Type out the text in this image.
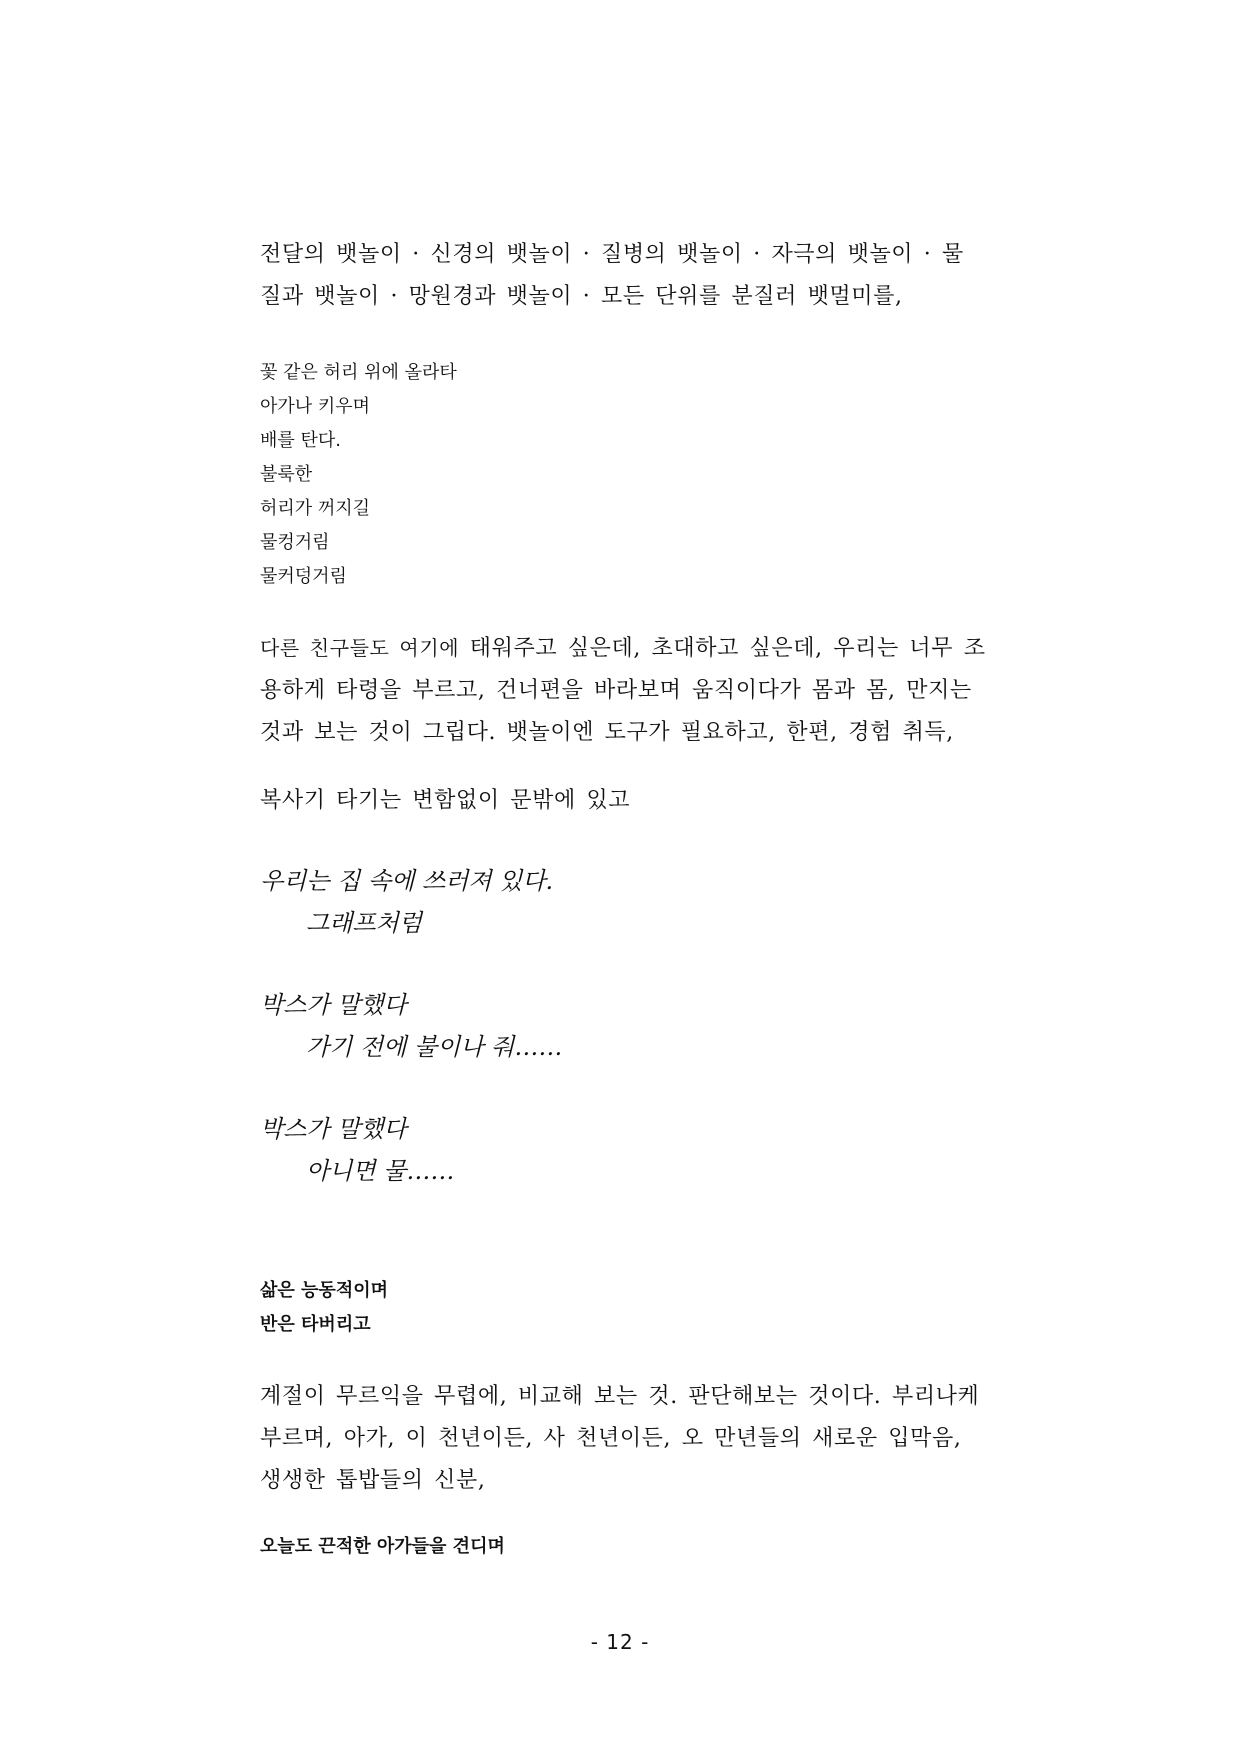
전달의 뱃놀이 · 신경의 뱃놀이 · 질병의 뱃놀이 · 자극의 뱃놀이 · 물
질과 뱃놀이 · 망원경과 뱃놀이 · 모든 단위를 분질러 뱃멀미를,
꽃 같은 허리 위에 올라타
아가나 키우며
배를 탄다.
불룩한
허리가 꺼지길
물컹거림
물커덩거림
다른 친구들도 여기에 태워주고 싶은데, 초대하고 싶은데, 우리는 너무 조
용하게 타령을 부르고, 건너편을 바라보며 움직이다가 몸과 몸, 만지는
것과 보는 것이 그립다. 뱃놀이엔 도구가 필요하고, 한편, 경험 취득,
복사기 타기는 변함없이 문밖에 있고
우리는 집 속에 쓰러져 있다.
그래프처럼
박스가 말했다
가기 전에 불이나 줘……
박스가 말했다
아니면 물……
삶은 능동적이며
반은 타버리고
계절이 무르익을 무렵에, 비교해 보는 것. 판단해보는 것이다. 부리나케
부르며, 아가, 이 천년이든, 사 천년이든, 오 만년들의 새로운 입막음,
생생한 톱밥들의 신분,
오늘도 끈적한 아가들을 견디며
- 12 -
